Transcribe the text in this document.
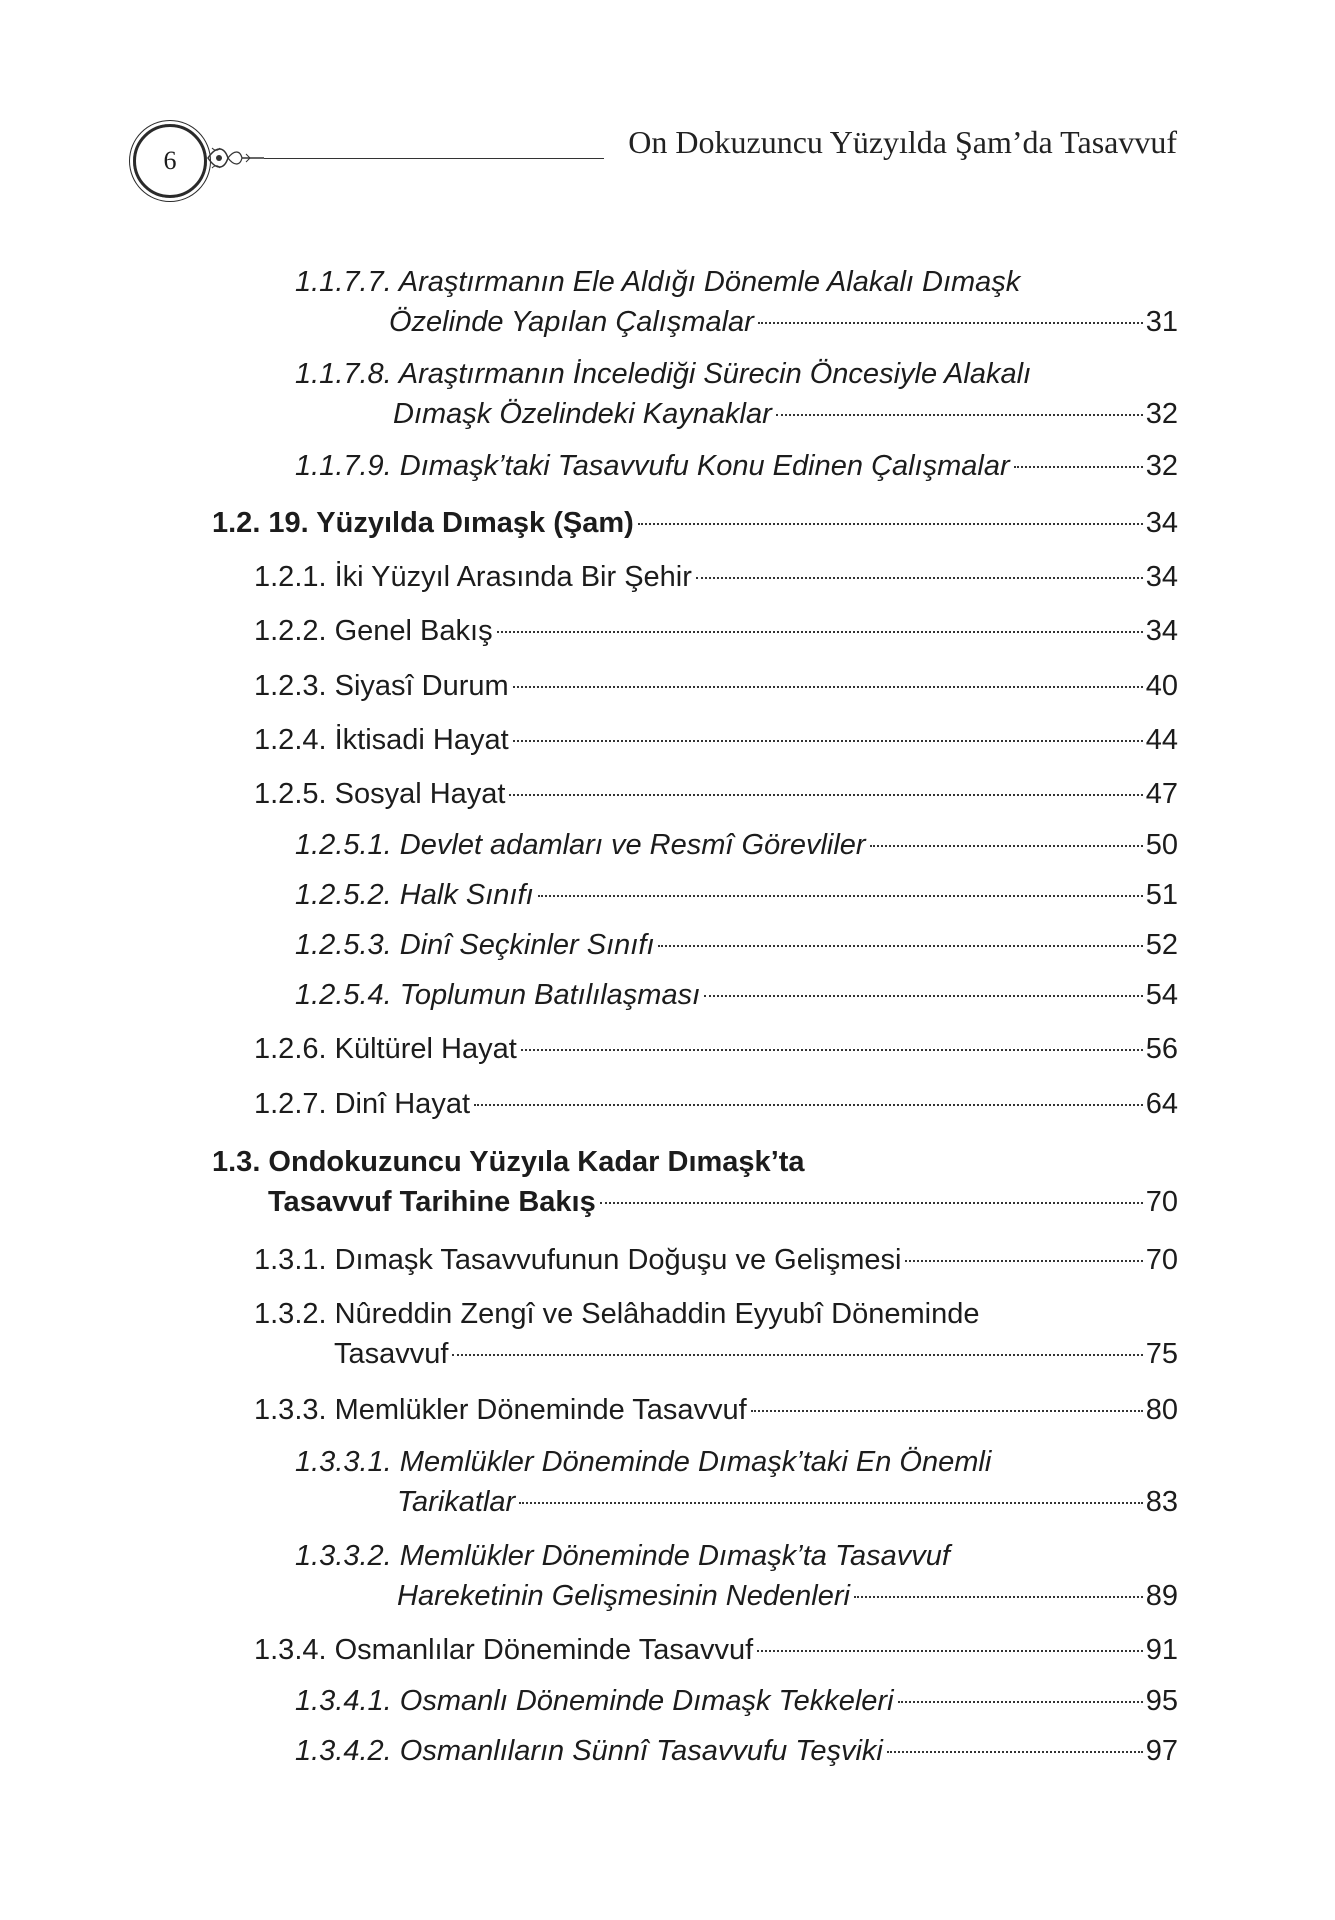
6
On Dokuzuncu Yüzyılda Şam’da Tasavvuf
1.1.7.7. Araştırmanın Ele Aldığı Dönemle Alakalı Dımaşk
Özelinde Yapılan Çalışmalar	31
1.1.7.8. Araştırmanın İncelediği Sürecin Öncesiyle Alakalı
Dımaşk Özelindeki Kaynaklar	32
1.1.7.9. Dımaşk’taki Tasavvufu Konu Edinen Çalışmalar	32
1.2. 19. Yüzyılda Dımaşk (Şam)	34
1.2.1. İki Yüzyıl Arasında Bir Şehir	34
1.2.2. Genel Bakış	34
1.2.3. Siyasî Durum	40
1.2.4. İktisadi Hayat	44
1.2.5. Sosyal Hayat	47
1.2.5.1. Devlet adamları ve Resmî Görevliler	50
1.2.5.2. Halk Sınıfı	51
1.2.5.3. Dinî Seçkinler Sınıfı	52
1.2.5.4. Toplumun Batılılaşması	54
1.2.6. Kültürel Hayat	56
1.2.7. Dinî Hayat	64
1.3. Ondokuzuncu Yüzyıla Kadar Dımaşk’ta
Tasavvuf Tarihine Bakış	70
1.3.1. Dımaşk Tasavvufunun Doğuşu ve Gelişmesi	70
1.3.2. Nûreddin Zengî ve Selâhaddin Eyyubî Döneminde
Tasavvuf	75
1.3.3. Memlükler Döneminde Tasavvuf	80
1.3.3.1. Memlükler Döneminde Dımaşk’taki En Önemli
Tarikatlar	83
1.3.3.2. Memlükler Döneminde Dımaşk’ta Tasavvuf
Hareketinin Gelişmesinin Nedenleri	89
1.3.4. Osmanlılar Döneminde Tasavvuf	91
1.3.4.1. Osmanlı Döneminde Dımaşk Tekkeleri	95
1.3.4.2. Osmanlıların Sünnî Tasavvufu Teşviki	97
